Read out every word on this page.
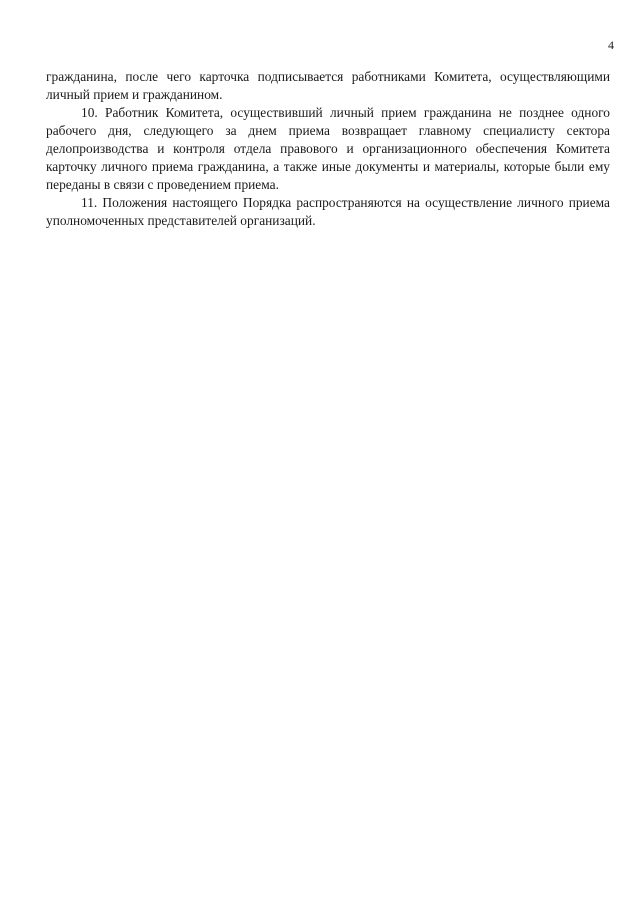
4

гражданина, после чего карточка подписывается работниками Комитета, осуществляющими личный прием и гражданином.

10. Работник Комитета, осуществивший личный прием гражданина не позднее одного рабочего дня, следующего за днем приема возвращает главному специалисту сектора делопроизводства и контроля отдела правового и организационного обеспечения Комитета карточку личного приема гражданина, а также иные документы и материалы, которые были ему переданы в связи с проведением приема.

11. Положения настоящего Порядка распространяются на осуществление личного приема уполномоченных представителей организаций.
